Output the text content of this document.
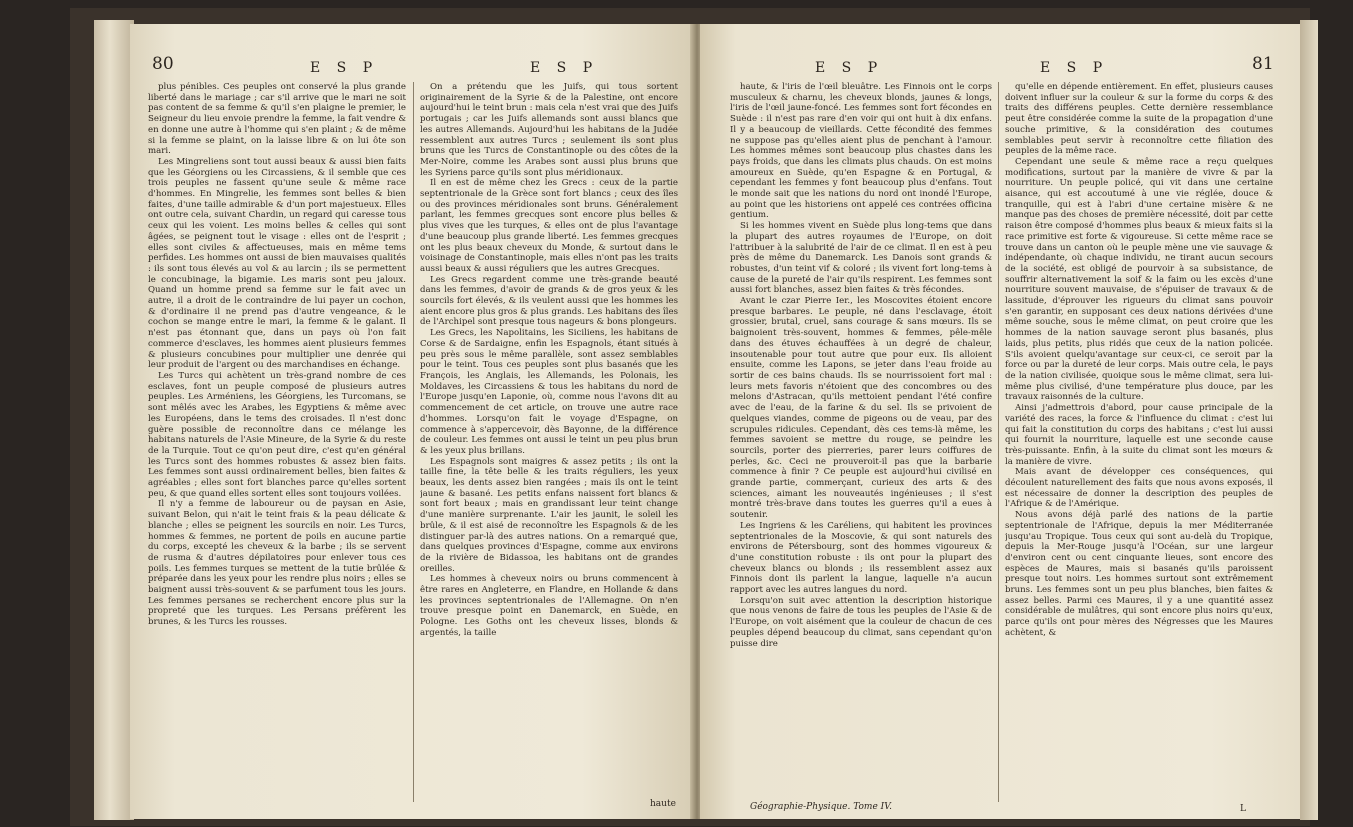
80	E S P	E S P

plus pénibles. Ces peuples ont conservé la plus grande liberté dans le mariage ; car s'il arrive que le mari ne soit pas content de sa femme & qu'il s'en plaigne le premier, le Seigneur du lieu envoie prendre la femme, la fait vendre & en donne une autre à l'homme qui s'en plaint ; & de même si la femme se plaint, on la laisse libre & on lui ôte son mari.

Les Mingreliens sont tout aussi beaux & aussi bien faits que les Géorgiens ou les Circassiens, & il semble que ces trois peuples ne fassent qu'une seule & même race d'hommes. En Mingrelie, les femmes sont belles & bien faites, d'une taille admirable & d'un port majestueux. Elles ont outre cela, suivant Chardin, un regard qui caresse tous ceux qui les voient. Les moins belles & celles qui sont âgées, se peignent tout le visage : elles ont de l'esprit ; elles sont civiles & affectueuses, mais en même tems perfides. Les hommes ont aussi de bien mauvaises qualités : ils sont tous élevés au vol & au larcin ; ils se permettent le concubinage, la bigamie. Les maris sont peu jaloux. Quand un homme prend sa femme sur le fait avec un autre, il a droit de le contraindre de lui payer un cochon, & d'ordinaire il ne prend pas d'autre vengeance, & le cochon se mange entre le mari, la femme & le galant. Il n'est pas étonnant que, dans un pays où l'on fait commerce d'esclaves, les hommes aient plusieurs femmes & plusieurs concubines pour multiplier une denrée qui leur produit de l'argent ou des marchandises en échange.

Les Turcs qui achètent un très-grand nombre de ces esclaves, font un peuple composé de plusieurs autres peuples. Les Arméniens, les Géorgiens, les Turcomans, se sont mêlés avec les Arabes, les Egyptiens & même avec les Européens, dans le tems des croisades. Il n'est donc guère possible de reconnoître dans ce mélange les habitans naturels de l'Asie Mineure, de la Syrie & du reste de la Turquie. Tout ce qu'on peut dire, c'est qu'en général les Turcs sont des hommes robustes & assez bien faits. Les femmes sont aussi ordinairement belles, bien faites & agréables ; elles sont fort blanches parce qu'elles sortent peu, & que quand elles sortent elles sont toujours voilées.

Il n'y a femme de laboureur ou de paysan en Asie, suivant Belon, qui n'ait le teint frais & la peau délicate & blanche ; elles se peignent les sourcils en noir. Les Turcs, hommes & femmes, ne portent de poils en aucune partie du corps, excepté les cheveux & la barbe ; ils se servent de rusma & d'autres dépilatoires pour enlever tous ces poils. Les femmes turques se mettent de la tutie brûlée & préparée dans les yeux pour les rendre plus noirs ; elles se baignent aussi très-souvent & se parfument tous les jours. Les femmes persanes se recherchent encore plus sur la propreté que les turques. Les Persans préfèrent les brunes, & les Turcs les rousses.

On a prétendu que les Juifs, qui tous sortent originairement de la Syrie & de la Palestine, ont encore aujourd'hui le teint brun : mais cela n'est vrai que des Juifs portugais ; car les Juifs allemands sont aussi blancs que les autres Allemands. Aujourd'hui les habitans de la Judée ressemblent aux autres Turcs ; seulement ils sont plus bruns que les Turcs de Constantinople ou des côtes de la Mer-Noire, comme les Arabes sont aussi plus bruns que les Syriens parce qu'ils sont plus méridionaux.

Il en est de même chez les Grecs : ceux de la partie septentrionale de la Grèce sont fort blancs ; ceux des îles ou des provinces méridionales sont bruns. Généralement parlant, les femmes grecques sont encore plus belles & plus vives que les turques, & elles ont de plus l'avantage d'une beaucoup plus grande liberté. Les femmes grecques ont les plus beaux cheveux du Monde, & surtout dans le voisinage de Constantinople, mais elles n'ont pas les traits aussi beaux & aussi réguliers que les autres Grecques.

Les Grecs regardent comme une très-grande beauté dans les femmes, d'avoir de grands & de gros yeux & les sourcils fort élevés, & ils veulent aussi que les hommes les aient encore plus gros & plus grands. Les habitans des îles de l'Archipel sont presque tous nageurs & bons plongeurs.

Les Grecs, les Napolitains, les Siciliens, les habitans de Corse & de Sardaigne, enfin les Espagnols, étant situés à peu près sous le même parallèle, sont assez semblables pour le teint. Tous ces peuples sont plus basanés que les François, les Anglais, les Allemands, les Polonais, les Moldaves, les Circassiens & tous les habitans du nord de l'Europe jusqu'en Laponie, où, comme nous l'avons dit au commencement de cet article, on trouve une autre race d'hommes. Lorsqu'on fait le voyage d'Espagne, on commence à s'appercevoir, dès Bayonne, de la différence de couleur. Les femmes ont aussi le teint un peu plus brun & les yeux plus brillans.

Les Espagnols sont maigres & assez petits ; ils ont la taille fine, la tête belle & les traits réguliers, les yeux beaux, les dents assez bien rangées ; mais ils ont le teint jaune & basané. Les petits enfans naissent fort blancs & sont fort beaux ; mais en grandissant leur teint change d'une manière surprenante. L'air les jaunit, le soleil les brûle, & il est aisé de reconnoître les Espagnols & de les distinguer par-là des autres nations. On a remarqué que, dans quelques provinces d'Espagne, comme aux environs de la rivière de Bidassoa, les habitans ont de grandes oreilles.

Les hommes à cheveux noirs ou bruns commencent à être rares en Angleterre, en Flandre, en Hollande & dans les provinces septentrionales de l'Allemagne. On n'en trouve presque point en Danemarck, en Suède, en Pologne. Les Goths ont les cheveux lisses, blonds & argentés, la taille

haute
E S P	E S P	81

haute, & l'iris de l'œil bleuâtre. Les Finnois ont le corps musculeux & charnu, les cheveux blonds, jaunes & longs, l'iris de l'œil jaune-foncé. Les femmes sont fort fécondes en Suède : il n'est pas rare d'en voir qui ont huit à dix enfans. Il y a beaucoup de vieillards. Cette fécondité des femmes ne suppose pas qu'elles aient plus de penchant à l'amour. Les hommes mêmes sont beaucoup plus chastes dans les pays froids, que dans les climats plus chauds. On est moins amoureux en Suède, qu'en Espagne & en Portugal, & cependant les femmes y font beaucoup plus d'enfans. Tout le monde sait que les nations du nord ont inondé l'Europe, au point que les historiens ont appelé ces contrées officina gentium.

Si les hommes vivent en Suède plus long-tems que dans la plupart des autres royaumes de l'Europe, on doit l'attribuer à la salubrité de l'air de ce climat. Il en est à peu près de même du Danemarck. Les Danois sont grands & robustes, d'un teint vif & coloré ; ils vivent fort long-tems à cause de la pureté de l'air qu'ils respirent. Les femmes sont aussi fort blanches, assez bien faites & très fécondes.

Avant le czar Pierre Ier., les Moscovites étoient encore presque barbares. Le peuple, né dans l'esclavage, étoit grossier, brutal, cruel, sans courage & sans mœurs. Ils se baignoient très-souvent, hommes & femmes, pêle-mêle dans des étuves échauffées à un degré de chaleur, insoutenable pour tout autre que pour eux. Ils alloient ensuite, comme les Lapons, se jeter dans l'eau froide au sortir de ces bains chauds. Ils se nourrissoient fort mal : leurs mets favoris n'étoient que des concombres ou des melons d'Astracan, qu'ils mettoient pendant l'été confire avec de l'eau, de la farine & du sel. Ils se privoient de quelques viandes, comme de pigeons ou de veau, par des scrupules ridicules. Cependant, dès ces tems-là même, les femmes savoient se mettre du rouge, se peindre les sourcils, porter des pierreries, parer leurs coiffures de perles, &c. Ceci ne prouveroit-il pas que la barbarie commence à finir ? Ce peuple est aujourd'hui civilisé en grande partie, commerçant, curieux des arts & des sciences, aimant les nouveautés ingénieuses ; il s'est montré très-brave dans toutes les guerres qu'il a eues à soutenir.

Les Ingriens & les Caréliens, qui habitent les provinces septentrionales de la Moscovie, & qui sont naturels des environs de Pétersbourg, sont des hommes vigoureux & d'une constitution robuste : ils ont pour la plupart des cheveux blancs ou blonds ; ils ressemblent assez aux Finnois dont ils parlent la langue, laquelle n'a aucun rapport avec les autres langues du nord.

Lorsqu'on suit avec attention la description historique que nous venons de faire de tous les peuples de l'Asie & de l'Europe, on voit aisément que la couleur de chacun de ces peuples dépend beaucoup du climat, sans cependant qu'on puisse dire

Géographie-Physique. Tome IV.

qu'elle en dépende entièrement. En effet, plusieurs causes doivent influer sur la couleur & sur la forme du corps & des traits des différens peuples. Cette dernière ressemblance peut être considérée comme la suite de la propagation d'une souche primitive, & la considération des coutumes semblables peut servir à reconnoître cette filiation des peuples de la même race.

Cependant une seule & même race a reçu quelques modifications, surtout par la manière de vivre & par la nourriture. Un peuple policé, qui vit dans une certaine aisance, qui est accoutumé à une vie réglée, douce & tranquille, qui est à l'abri d'une certaine misère & ne manque pas des choses de première nécessité, doit par cette raison être composé d'hommes plus beaux & mieux faits si la race primitive est forte & vigoureuse. Si cette même race se trouve dans un canton où le peuple mène une vie sauvage & indépendante, où chaque individu, ne tirant aucun secours de la société, est obligé de pourvoir à sa subsistance, de souffrir alternativement la soif & la faim ou les excès d'une nourriture souvent mauvaise, de s'épuiser de travaux & de lassitude, d'éprouver les rigueurs du climat sans pouvoir s'en garantir, en supposant ces deux nations dérivées d'une même souche, sous le même climat, on peut croire que les hommes de la nation sauvage seront plus basanés, plus laids, plus petits, plus ridés que ceux de la nation policée. S'ils avoient quelqu'avantage sur ceux-ci, ce seroit par la force ou par la dureté de leur corps. Mais outre cela, le pays de la nation civilisée, quoique sous le même climat, sera lui-même plus civilisé, d'une température plus douce, par les travaux raisonnés de la culture.

Ainsi j'admettrois d'abord, pour cause principale de la variété des races, la force & l'influence du climat : c'est lui qui fait la constitution du corps des habitans ; c'est lui aussi qui fournit la nourriture, laquelle est une seconde cause très-puissante. Enfin, à la suite du climat sont les mœurs & la manière de vivre.

Mais avant de développer ces conséquences, qui découlent naturellement des faits que nous avons exposés, il est nécessaire de donner la description des peuples de l'Afrique & de l'Amérique.

Nous avons déjà parlé des nations de la partie septentrionale de l'Afrique, depuis la mer Méditerranée jusqu'au Tropique. Tous ceux qui sont au-delà du Tropique, depuis la Mer-Rouge jusqu'à l'Océan, sur une largeur d'environ cent ou cent cinquante lieues, sont encore des espèces de Maures, mais si basanés qu'ils paroissent presque tout noirs. Les hommes surtout sont extrêmement bruns. Les femmes sont un peu plus blanches, bien faites & assez belles. Parmi ces Maures, il y a une quantité assez considérable de mulâtres, qui sont encore plus noirs qu'eux, parce qu'ils ont pour mères des Négresses que les Maures achètent, &

L
